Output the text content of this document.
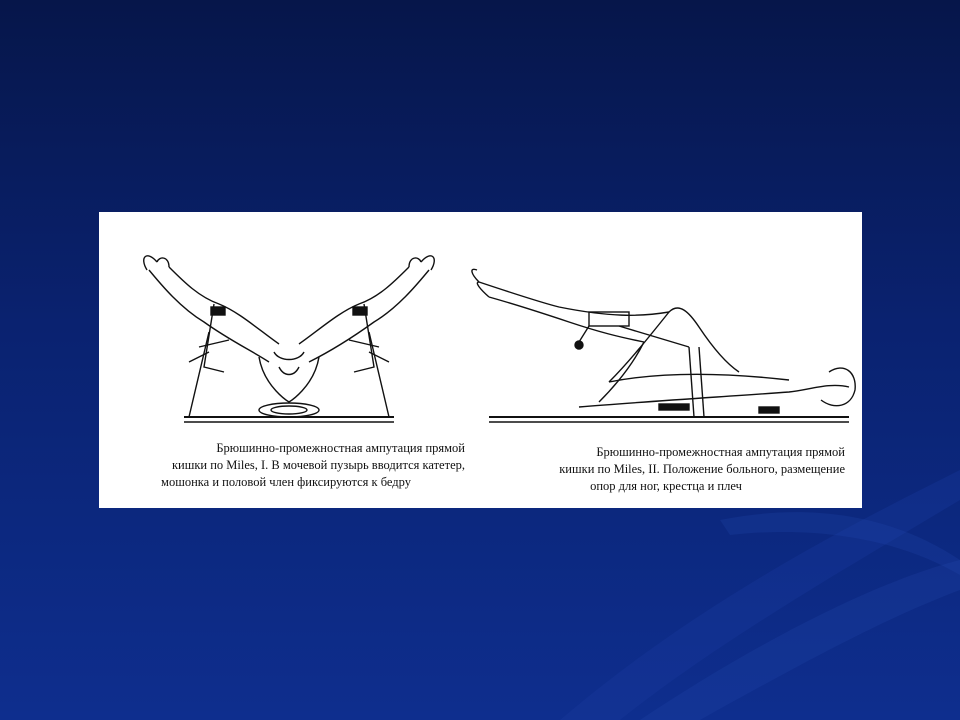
Брюшинно-промежностная ампутация прямой
кишки по Miles, I. В мочевой пузырь вводится катетер,
мошонка и половой член фиксируются к бедру
Брюшинно-промежностная ампутация прямой
кишки по Miles, II. Положение больного, размещение
опор для ног, крестца и плеч
